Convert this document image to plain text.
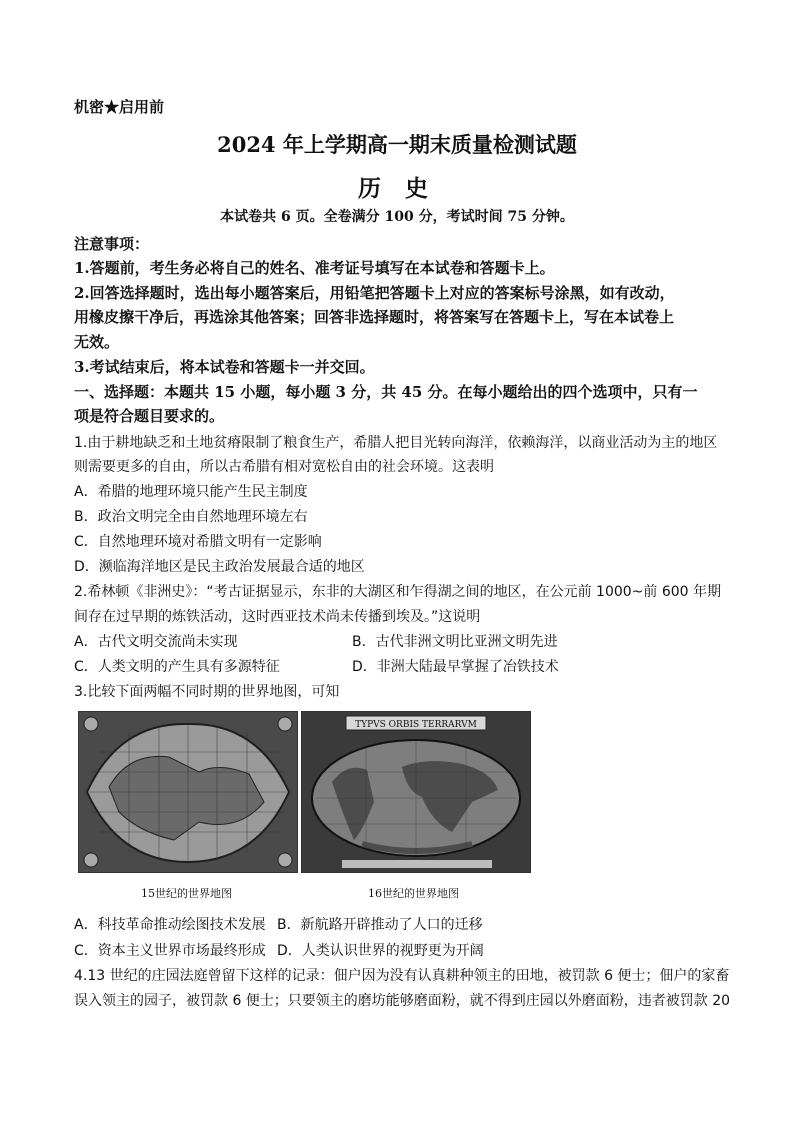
机密★启用前
2024 年上学期高一期末质量检测试题
历 史
本试卷共 6 页。全卷满分 100 分，考试时间 75 分钟。
注意事项：
1.答题前，考生务必将自己的姓名、准考证号填写在本试卷和答题卡上。
2.回答选择题时，选出每小题答案后，用铅笔把答题卡上对应的答案标号涂黑，如有改动，
用橡皮擦干净后，再选涂其他答案；回答非选择题时，将答案写在答题卡上，写在本试卷上
无效。
3.考试结束后，将本试卷和答题卡一并交回。
一、选择题：本题共 15 小题，每小题 3 分，共 45 分。在每小题给出的四个选项中，只有一
项是符合题目要求的。
1.由于耕地缺乏和土地贫瘠限制了粮食生产，希腊人把目光转向海洋，依赖海洋，以商业活动为主的地区
则需要更多的自由，所以古希腊有相对宽松自由的社会环境。这表明
A．希腊的地理环境只能产生民主制度
B．政治文明完全由自然地理环境左右
C．自然地理环境对希腊文明有一定影响
D．濒临海洋地区是民主政治发展最合适的地区
2.希林顿《非洲史》：“考古证据显示，东非的大湖区和乍得湖之间的地区，在公元前 1000~前 600 年期
间存在过早期的炼铁活动，这时西亚技术尚未传播到埃及。”这说明
A．古代文明交流尚未实现	B．古代非洲文明比亚洲文明先进
C．人类文明的产生具有多源特征	D．非洲大陆最早掌握了冶铁技术
3.比较下面两幅不同时期的世界地图，可知
TYPVS ORBIS TERRARVM
15世纪的世界地图	16世纪的世界地图
A．科技革命推动绘图技术发展 B．新航路开辟推动了人口的迁移
C．资本主义世界市场最终形成 D．人类认识世界的视野更为开阔
4.13 世纪的庄园法庭曾留下这样的记录：佃户因为没有认真耕种领主的田地，被罚款 6 便士；佃户的家畜
误入领主的园子，被罚款 6 便士；只要领主的磨坊能够磨面粉，就不得到庄园以外磨面粉，违者被罚款 20
